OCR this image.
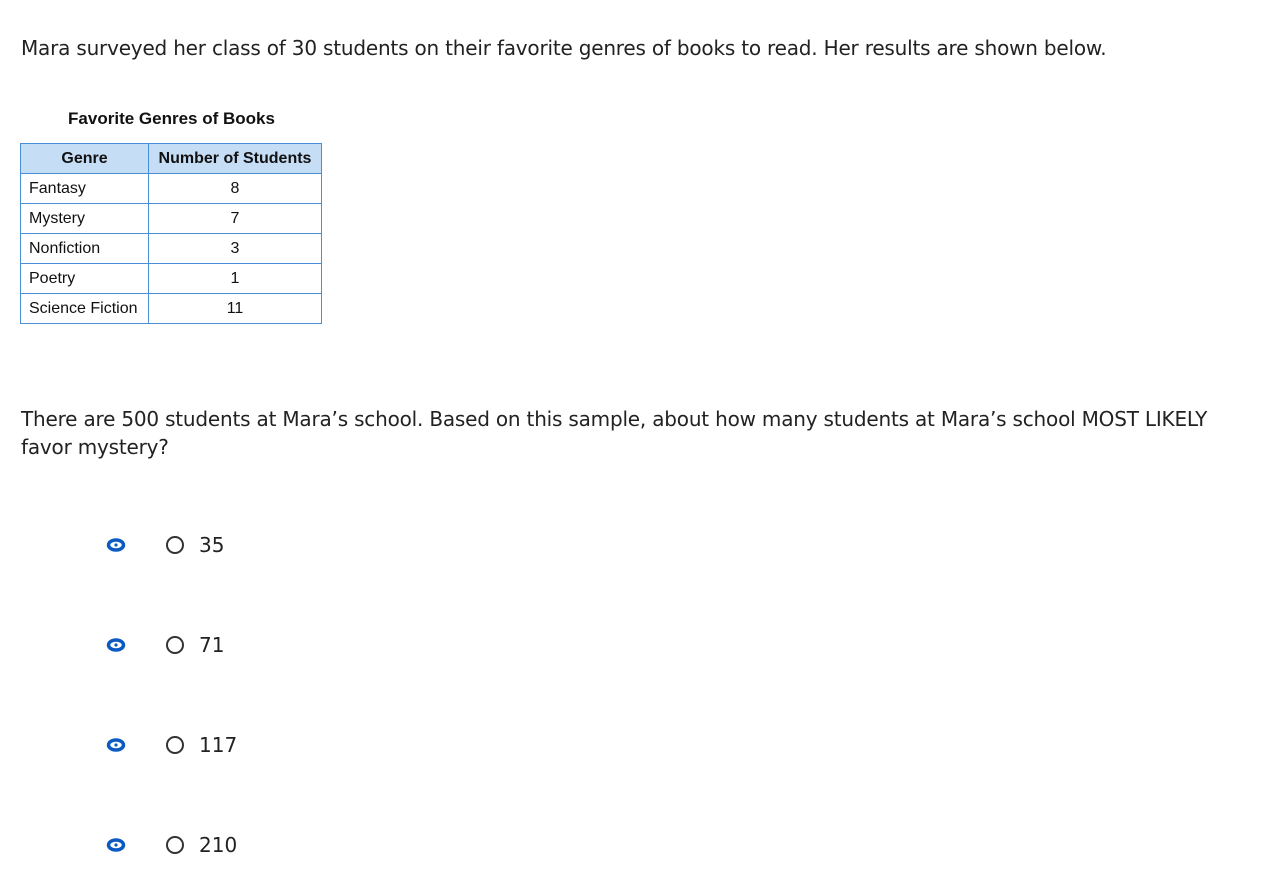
Mara surveyed her class of 30 students on their favorite genres of books to read. Her results are shown below.
Favorite Genres of Books
Genre	Number of Students
Fantasy	8
Mystery	7
Nonfiction	3
Poetry	1
Science Fiction	11
There are 500 students at Mara’s school. Based on this sample, about how many students at Mara’s school MOST LIKELY favor mystery?
35
71
117
210
